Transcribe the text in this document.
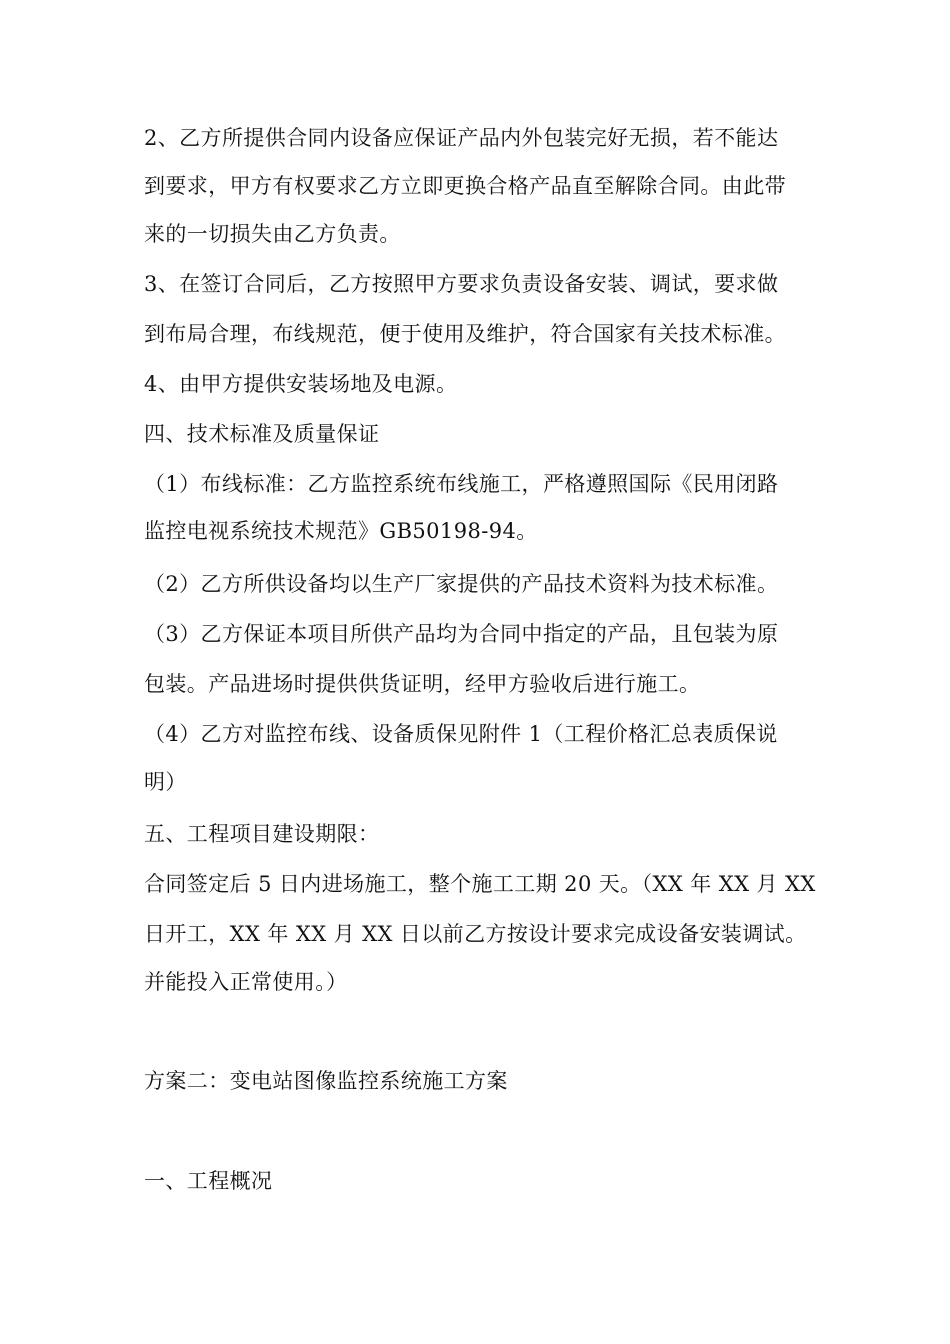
2、乙方所提供合同内设备应保证产品内外包装完好无损，若不能达
到要求，甲方有权要求乙方立即更换合格产品直至解除合同。由此带
来的一切损失由乙方负责。
3、在签订合同后，乙方按照甲方要求负责设备安装、调试，要求做
到布局合理，布线规范，便于使用及维护，符合国家有关技术标准。
4、由甲方提供安装场地及电源。
四、技术标准及质量保证
（1）布线标准：乙方监控系统布线施工，严格遵照国际《民用闭路
监控电视系统技术规范》GB50198-94。
（2）乙方所供设备均以生产厂家提供的产品技术资料为技术标准。
（3）乙方保证本项目所供产品均为合同中指定的产品，且包装为原
包装。产品进场时提供供货证明，经甲方验收后进行施工。
（4）乙方对监控布线、设备质保见附件 1（工程价格汇总表质保说
明）
五、工程项目建设期限：
合同签定后 5 日内进场施工，整个施工工期 20 天。（XX 年 XX 月 XX
日开工，XX 年 XX 月 XX 日以前乙方按设计要求完成设备安装调试。
并能投入正常使用。）
方案二：变电站图像监控系统施工方案
一、工程概况
